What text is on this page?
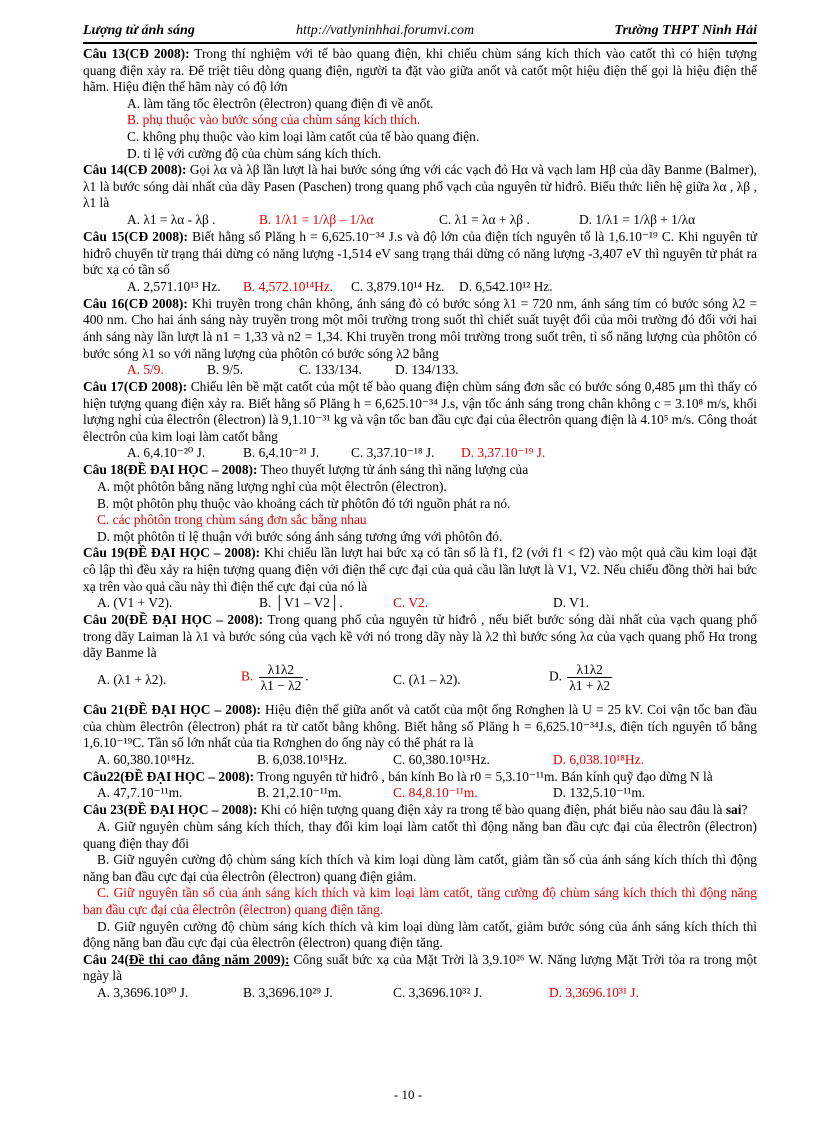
Lượng tử ánh sáng	http://vatlyninhhai.forumvi.com	Trường THPT Ninh Hải

Câu 13(CĐ 2008): Trong thí nghiệm với tế bào quang điện, khi chiếu chùm sáng kích thích vào catốt thì có hiện tượng quang điện xảy ra. Để triệt tiêu dòng quang điện, người ta đặt vào giữa anốt và catốt một hiệu điện thế gọi là hiệu điện thế hãm. Hiệu điện thế hãm này có độ lớn

A. làm tăng tốc êlectrôn (êlectron) quang điện đi về anốt.

B. phụ thuộc vào bước sóng của chùm sáng kích thích.

C. không phụ thuộc vào kim loại làm catốt của tế bào quang điện.

D. tỉ lệ với cường độ của chùm sáng kích thích.

Câu 14(CĐ 2008): Gọi λα và λβ lần lượt là hai bước sóng ứng với các vạch đỏ Hα và vạch lam Hβ của dãy Banme (Balmer), λ1 là bước sóng dài nhất của dãy Pasen (Paschen) trong quang phổ vạch của nguyên tử hiđrô. Biểu thức liên hệ giữa λα , λβ , λ1 là

A. λ1 = λα - λβ .	B. 1/λ1 = 1/λβ – 1/λα	C. λ1 = λα + λβ .	D. 1/λ1 = 1/λβ + 1/λα

Câu 15(CĐ 2008): Biết hằng số Plăng h = 6,625.10⁻³⁴ J.s và độ lớn của điện tích nguyên tố là 1,6.10⁻¹⁹ C. Khi nguyên tử hiđrô chuyển từ trạng thái dừng có năng lượng -1,514 eV sang trạng thái dừng có năng lượng -3,407 eV thì nguyên tử phát ra bức xạ có tần số

A. 2,571.10¹³ Hz. B. 4,572.10¹⁴Hz. C. 3,879.10¹⁴ Hz. D. 6,542.10¹² Hz.

Câu 16(CĐ 2008): Khi truyền trong chân không, ánh sáng đỏ có bước sóng λ1 = 720 nm, ánh sáng tím có bước sóng λ2 = 400 nm. Cho hai ánh sáng này truyền trong một môi trường trong suốt thì chiết suất tuyệt đối của môi trường đó đối với hai ánh sáng này lần lượt là n1 = 1,33 và n2 = 1,34. Khi truyền trong môi trường trong suốt trên, tỉ số năng lượng của phôtôn có bước sóng λ1 so với năng lượng của phôtôn có bước sóng λ2 bằng

A. 5/9.	B. 9/5.	C. 133/134. D. 134/133.

Câu 17(CĐ 2008): Chiếu lên bề mặt catốt của một tế bào quang điện chùm sáng đơn sắc có bước sóng 0,485 μm thì thấy có hiện tượng quang điện xảy ra. Biết hằng số Plăng h = 6,625.10⁻³⁴ J.s, vận tốc ánh sáng trong chân không c = 3.10⁸ m/s, khối lượng nghỉ của êlectrôn (êlectron) là 9,1.10⁻³¹ kg và vận tốc ban đầu cực đại của êlectrôn quang điện là 4.10⁵ m/s. Công thoát êlectrôn của kim loại làm catốt bằng

A. 6,4.10⁻²⁰ J.	B. 6,4.10⁻²¹ J. C. 3,37.10⁻¹⁸ J. D. 3,37.10⁻¹⁹ J.

Câu 18(ĐỀ ĐẠI HỌC – 2008): Theo thuyết lượng tử ánh sáng thì năng lượng của

A. một phôtôn bằng năng lượng nghỉ của một êlectrôn (êlectron).

B. một phôtôn phụ thuộc vào khoảng cách từ phôtôn đó tới nguồn phát ra nó.

C. các phôtôn trong chùm sáng đơn sắc bằng nhau

D. một phôtôn tỉ lệ thuận với bước sóng ánh sáng tương ứng với phôtôn đó.

Câu 19(ĐỀ ĐẠI HỌC – 2008): Khi chiếu lần lượt hai bức xạ có tần số là f1, f2 (với f1 < f2) vào một quả cầu kim loại đặt cô lập thì đều xảy ra hiện tượng quang điện với điện thế cực đại của quả cầu lần lượt là V1, V2. Nếu chiếu đồng thời hai bức xạ trên vào quả cầu này thì điện thế cực đại của nó là

A. (V1 + V2).	B. │V1 – V2│.	C. V2.	D. V1.

Câu 20(ĐỀ ĐẠI HỌC – 2008): Trong quang phổ của nguyên tử hiđrô , nếu biết bước sóng dài nhất của vạch quang phổ trong dãy Laiman là λ1 và bước sóng của vạch kề với nó trong dãy này là λ2 thì bước sóng λα của vạch quang phổ Hα trong dãy Banme là

A. (λ1 + λ2).	B. $\frac{\lambda 1\lambda 2}{\lambda 1 - \lambda 2}$ .	C. (λ1 – λ2).	D. $\frac{\lambda 1\lambda 2}{\lambda 1 + \lambda 2}$

Câu 21(ĐỀ ĐẠI HỌC – 2008): Hiệu điện thế giữa anốt và catốt của một ống Rơnghen là U = 25 kV. Coi vận tốc ban đầu của chùm êlectrôn (êlectron) phát ra từ catốt bằng không. Biết hằng số Plăng h = 6,625.10⁻³⁴J.s, điện tích nguyên tố bằng 1,6.10⁻¹⁹C. Tần số lớn nhất của tia Rơnghen do ống này có thể phát ra là

A. 60,380.10¹⁸Hz.	B. 6,038.10¹⁵Hz.	C. 60,380.10¹⁵Hz.	D. 6,038.10¹⁸Hz.

Câu22(ĐỀ ĐẠI HỌC – 2008): Trong nguyên tử hiđrô , bán kính Bo là r0 = 5,3.10⁻¹¹m. Bán kính quỹ đạo dừng N là

A. 47,7.10⁻¹¹m.	B. 21,2.10⁻¹¹m.	C. 84,8.10⁻¹¹m.	D. 132,5.10⁻¹¹m.

Câu 23(ĐỀ ĐẠI HỌC – 2008): Khi có hiện tượng quang điện xảy ra trong tế bào quang điện, phát biểu nào sau đâu là sai?

A. Giữ nguyên chùm sáng kích thích, thay đổi kim loại làm catốt thì động năng ban đầu cực đại của êlectrôn (êlectron) quang điện thay đổi

B. Giữ nguyên cường độ chùm sáng kích thích và kim loại dùng làm catốt, giảm tần số của ánh sáng kích thích thì động năng ban đầu cực đại của êlectrôn (êlectron) quang điện giảm.

C. Giữ nguyên tần số của ánh sáng kích thích và kim loại làm catốt, tăng cường độ chùm sáng kích thích thì động năng ban đầu cực đại của êlectrôn (êlectron) quang điện tăng.

D. Giữ nguyên cường độ chùm sáng kích thích và kim loại dùng làm catốt, giảm bước sóng của ánh sáng kích thích thì động năng ban đầu cực đại của êlectrôn (êlectron) quang điện tăng.

Câu 24(Đề thi cao đẳng năm 2009): Công suất bức xạ của Mặt Trời là 3,9.10²⁶ W. Năng lượng Mặt Trời tỏa ra trong một ngày là

A. 3,3696.10³⁰ J.	B. 3,3696.10²⁹ J.	C. 3,3696.10³² J.	D. 3,3696.10³¹ J.
- 10 -
